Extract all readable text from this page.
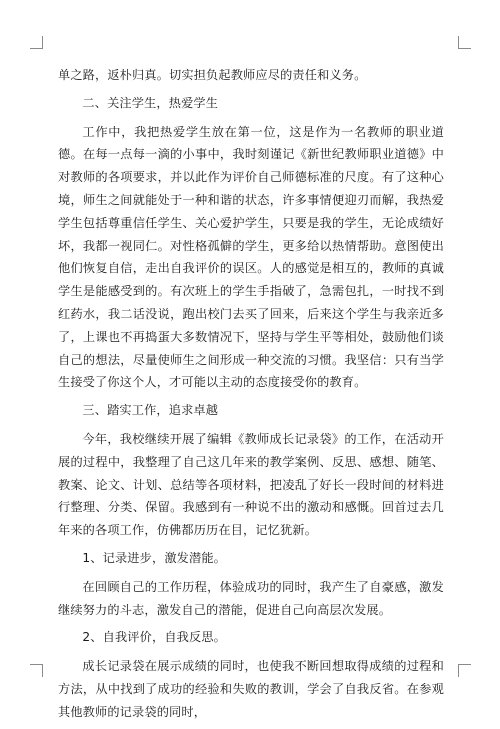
单之路，返朴归真。切实担负起教师应尽的责任和义务。

二、关注学生，热爱学生

工作中，我把热爱学生放在第一位，这是作为一名教师的职业道德。在每一点每一滴的小事中，我时刻谨记《新世纪教师职业道德》中对教师的各项要求，并以此作为评价自己师德标准的尺度。有了这种心境，师生之间就能处于一种和谐的状态，许多事情便迎刃而解，我热爱学生包括尊重信任学生、关心爱护学生，只要是我的学生，无论成绩好坏，我都一视同仁。对性格孤僻的学生，更多给以热情帮助。意图使出他们恢复自信，走出自我评价的误区。人的感觉是相互的，教师的真诚学生是能感受到的。有次班上的学生手指破了，急需包扎，一时找不到红药水，我二话没说，跑出校门去买了回来，后来这个学生与我亲近多了，上课也不再捣蛋大多数情况下，坚持与学生平等相处，鼓励他们谈自己的想法，尽量使师生之间形成一种交流的习惯。我坚信：只有当学生接受了你这个人，才可能以主动的态度接受你的教育。

三、踏实工作，追求卓越

今年，我校继续开展了编辑《教师成长记录袋》的工作，在活动开展的过程中，我整理了自己这几年来的教学案例、反思、感想、随笔、教案、论文、计划、总结等各项材料，把凌乱了好长一段时间的材料进行整理、分类、保留。我感到有一种说不出的激动和感慨。回首过去几年来的各项工作，仿佛都历历在目，记忆犹新。

1、记录进步，激发潜能。

在回顾自己的工作历程，体验成功的同时，我产生了自豪感，激发继续努力的斗志，激发自己的潜能，促进自己向高层次发展。

2、自我评价，自我反思。

成长记录袋在展示成绩的同时，也使我不断回想取得成绩的过程和方法，从中找到了成功的经验和失败的教训，学会了自我反省。在参观其他教师的记录袋的同时，
